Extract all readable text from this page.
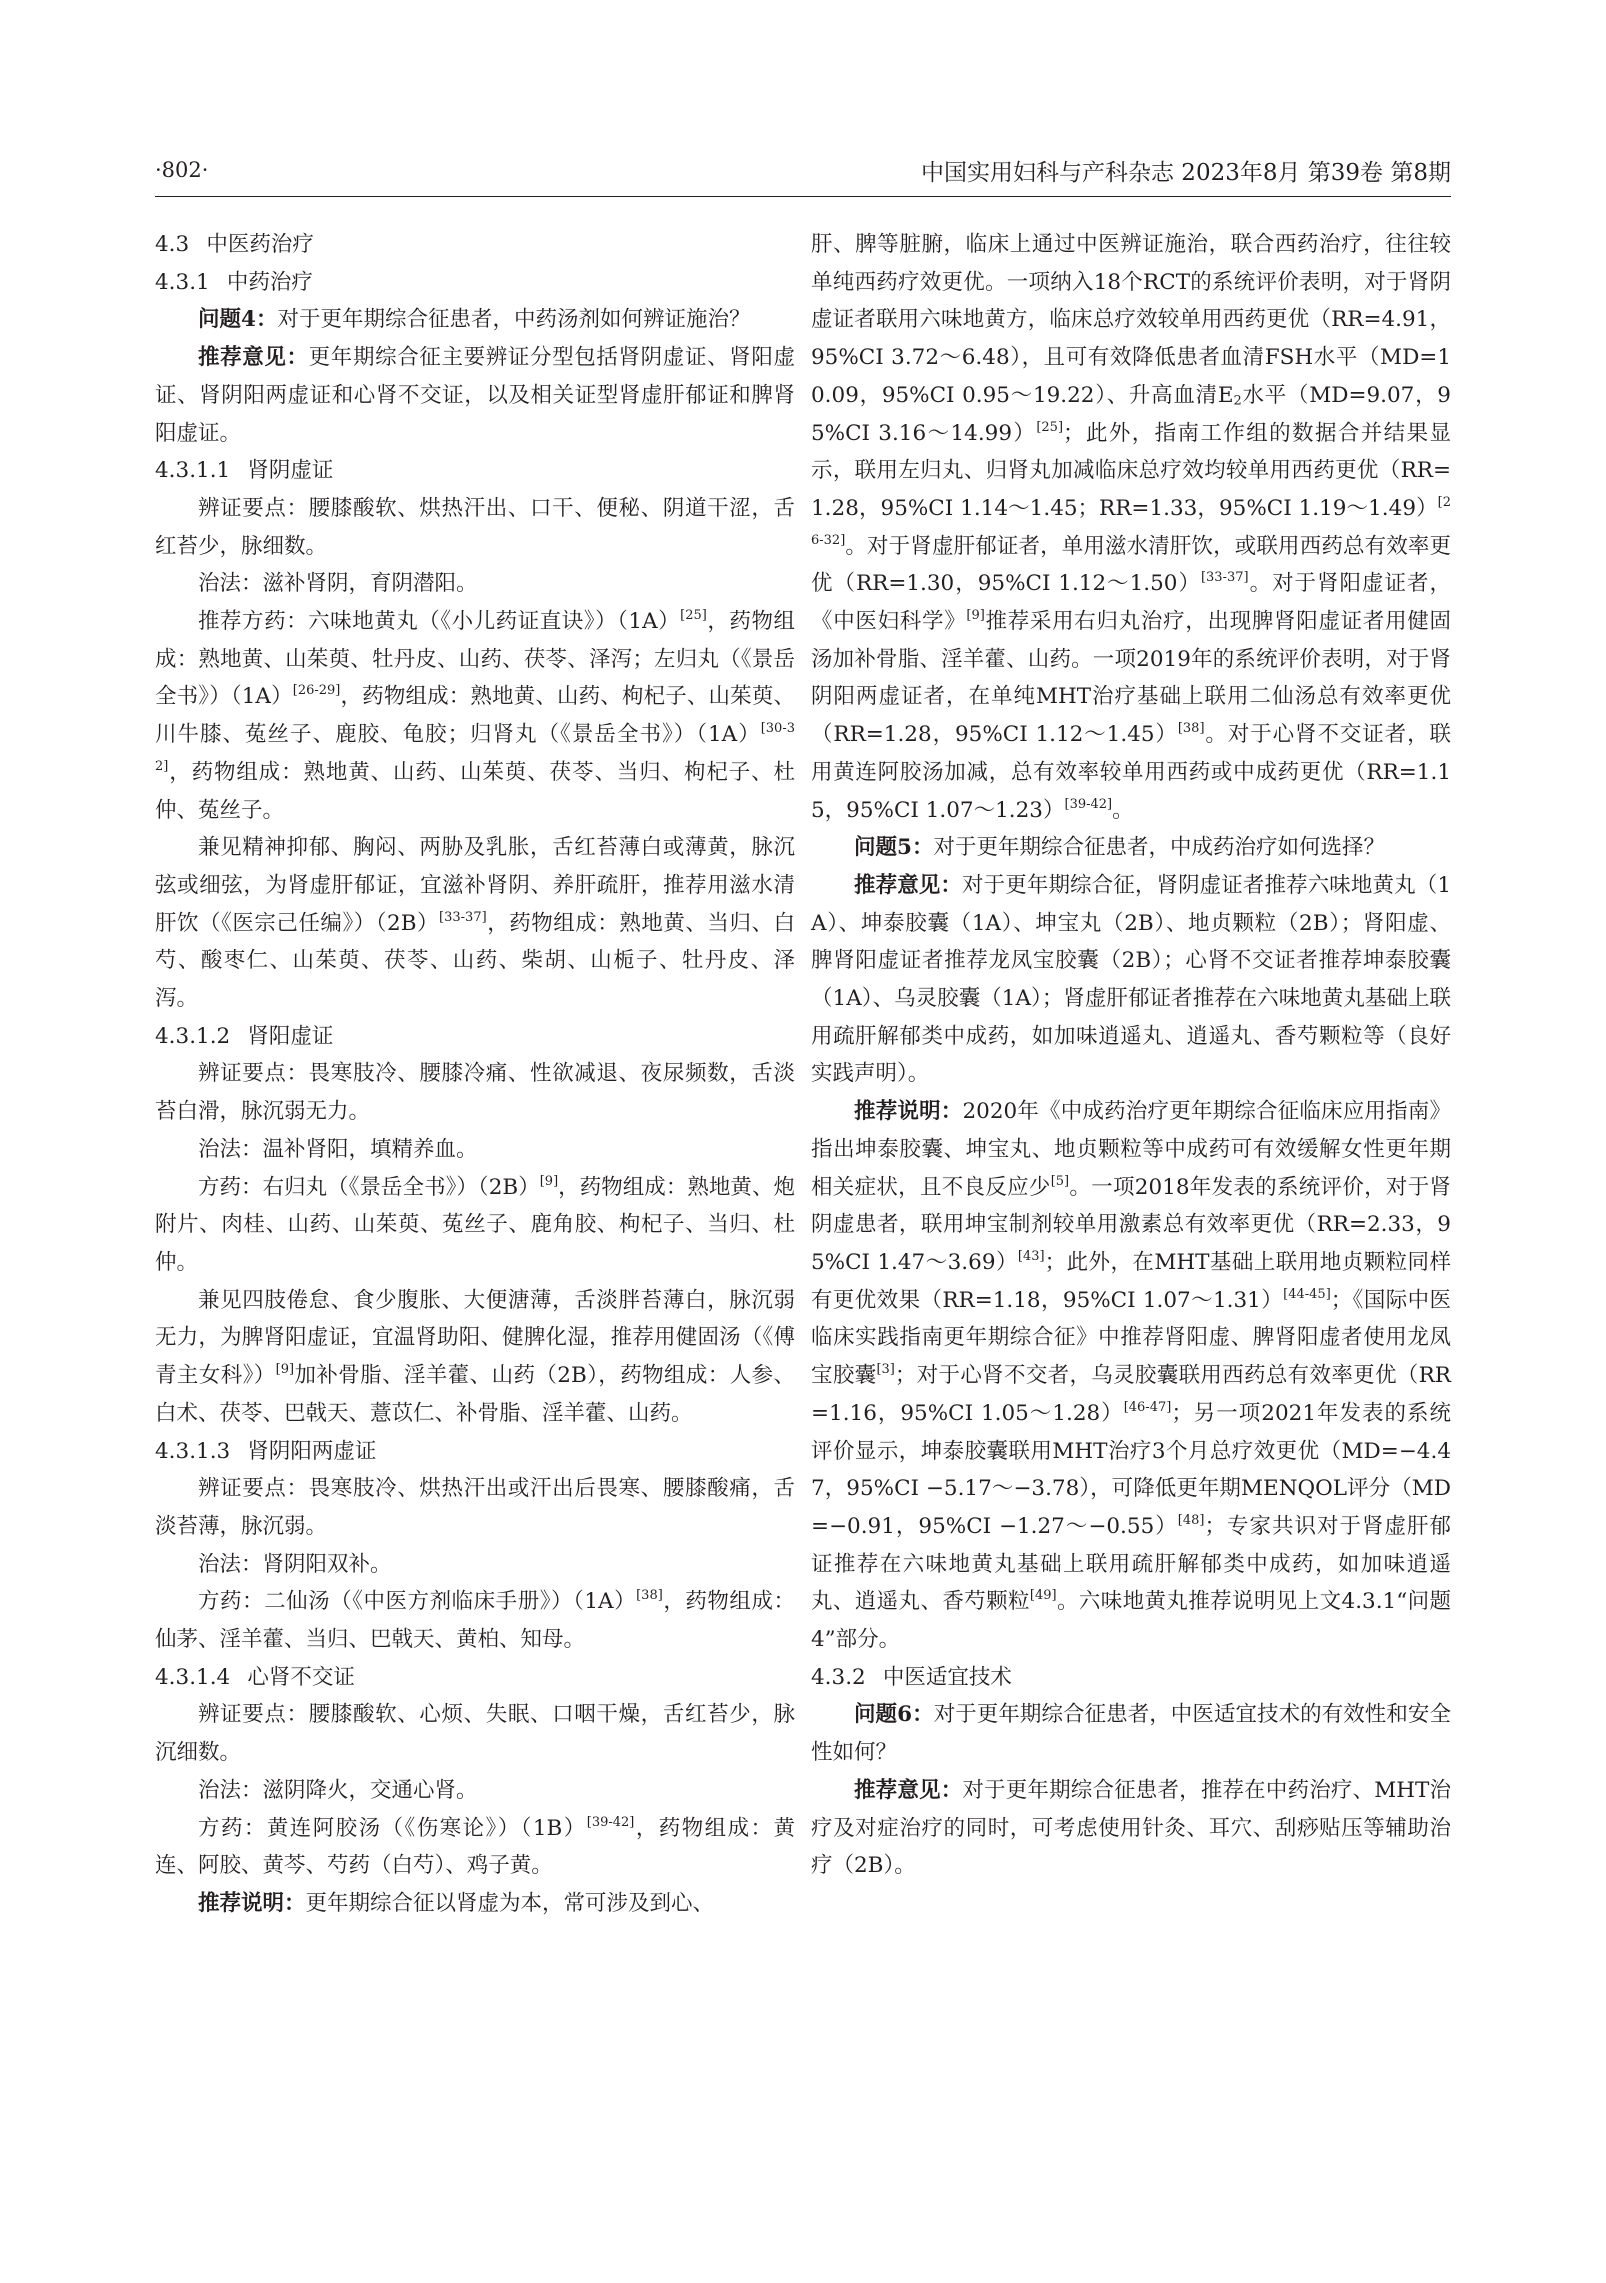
·802·	中国实用妇科与产科杂志 2023年8月 第39卷 第8期

4.3 中医药治疗

4.3.1 中药治疗

问题4：对于更年期综合征患者，中药汤剂如何辨证施治？

推荐意见：更年期综合征主要辨证分型包括肾阴虚证、肾阳虚证、肾阴阳两虚证和心肾不交证，以及相关证型肾虚肝郁证和脾肾阳虚证。

4.3.1.1 肾阴虚证

辨证要点：腰膝酸软、烘热汗出、口干、便秘、阴道干涩，舌红苔少，脉细数。

治法：滋补肾阴，育阴潜阳。

推荐方药：六味地黄丸（《小儿药证直诀》）（1A）[25]，药物组成：熟地黄、山茱萸、牡丹皮、山药、茯苓、泽泻；左归丸（《景岳全书》）（1A）[26-29]，药物组成：熟地黄、山药、枸杞子、山茱萸、川牛膝、菟丝子、鹿胶、龟胶；归肾丸（《景岳全书》）（1A）[30-32]，药物组成：熟地黄、山药、山茱萸、茯苓、当归、枸杞子、杜仲、菟丝子。

兼见精神抑郁、胸闷、两胁及乳胀，舌红苔薄白或薄黄，脉沉弦或细弦，为肾虚肝郁证，宜滋补肾阴、养肝疏肝，推荐用滋水清肝饮（《医宗己任编》）（2B）[33-37]，药物组成：熟地黄、当归、白芍、酸枣仁、山茱萸、茯苓、山药、柴胡、山栀子、牡丹皮、泽泻。

4.3.1.2 肾阳虚证

辨证要点：畏寒肢冷、腰膝冷痛、性欲减退、夜尿频数，舌淡苔白滑，脉沉弱无力。

治法：温补肾阳，填精养血。

方药：右归丸（《景岳全书》）（2B）[9]，药物组成：熟地黄、炮附片、肉桂、山药、山茱萸、菟丝子、鹿角胶、枸杞子、当归、杜仲。

兼见四肢倦怠、食少腹胀、大便溏薄，舌淡胖苔薄白，脉沉弱无力，为脾肾阳虚证，宜温肾助阳、健脾化湿，推荐用健固汤（《傅青主女科》）[9]加补骨脂、淫羊藿、山药（2B），药物组成：人参、白术、茯苓、巴戟天、薏苡仁、补骨脂、淫羊藿、山药。

4.3.1.3 肾阴阳两虚证

辨证要点：畏寒肢冷、烘热汗出或汗出后畏寒、腰膝酸痛，舌淡苔薄，脉沉弱。

治法：肾阴阳双补。

方药：二仙汤（《中医方剂临床手册》）（1A）[38]，药物组成：仙茅、淫羊藿、当归、巴戟天、黄柏、知母。

4.3.1.4 心肾不交证

辨证要点：腰膝酸软、心烦、失眠、口咽干燥，舌红苔少，脉沉细数。

治法：滋阴降火，交通心肾。

方药：黄连阿胶汤（《伤寒论》）（1B）[39-42]，药物组成：黄连、阿胶、黄芩、芍药（白芍）、鸡子黄。

推荐说明：更年期综合征以肾虚为本，常可涉及到心、

肝、脾等脏腑，临床上通过中医辨证施治，联合西药治疗，往往较单纯西药疗效更优。一项纳入18个RCT的系统评价表明，对于肾阴虚证者联用六味地黄方，临床总疗效较单用西药更优（RR=4.91，95%CI 3.72～6.48），且可有效降低患者血清FSH水平（MD=10.09，95%CI 0.95～19.22）、升高血清$E_2$水平（MD=9.07，95%CI 3.16～14.99）[25]；此外，指南工作组的数据合并结果显示，联用左归丸、归肾丸加减临床总疗效均较单用西药更优（RR=1.28，95%CI 1.14～1.45；RR=1.33，95%CI 1.19～1.49）[26-32]。对于肾虚肝郁证者，单用滋水清肝饮，或联用西药总有效率更优（RR=1.30，95%CI 1.12～1.50）[33-37]。对于肾阳虚证者，《中医妇科学》[9]推荐采用右归丸治疗，出现脾肾阳虚证者用健固汤加补骨脂、淫羊藿、山药。一项2019年的系统评价表明，对于肾阴阳两虚证者，在单纯MHT治疗基础上联用二仙汤总有效率更优（RR=1.28，95%CI 1.12～1.45）[38]。对于心肾不交证者，联用黄连阿胶汤加减，总有效率较单用西药或中成药更优（RR=1.15，95%CI 1.07～1.23）[39-42]。

问题5：对于更年期综合征患者，中成药治疗如何选择？

推荐意见：对于更年期综合征，肾阴虚证者推荐六味地黄丸（1A）、坤泰胶囊（1A）、坤宝丸（2B）、地贞颗粒（2B）；肾阳虚、脾肾阳虚证者推荐龙凤宝胶囊（2B）；心肾不交证者推荐坤泰胶囊（1A）、乌灵胶囊（1A）；肾虚肝郁证者推荐在六味地黄丸基础上联用疏肝解郁类中成药，如加味逍遥丸、逍遥丸、香芍颗粒等（良好实践声明）。

推荐说明：2020年《中成药治疗更年期综合征临床应用指南》指出坤泰胶囊、坤宝丸、地贞颗粒等中成药可有效缓解女性更年期相关症状，且不良反应少[5]。一项2018年发表的系统评价，对于肾阴虚患者，联用坤宝制剂较单用激素总有效率更优（RR=2.33，95%CI 1.47～3.69）[43]；此外，在MHT基础上联用地贞颗粒同样有更优效果（RR=1.18，95%CI 1.07～1.31）[44-45]；《国际中医临床实践指南更年期综合征》中推荐肾阳虚、脾肾阳虚者使用龙凤宝胶囊[3]；对于心肾不交者，乌灵胶囊联用西药总有效率更优（RR=1.16，95%CI 1.05～1.28）[46-47]；另一项2021年发表的系统评价显示，坤泰胶囊联用MHT治疗3个月总疗效更优（MD=−4.47，95%CI −5.17～−3.78），可降低更年期MENQOL评分（MD=−0.91，95%CI −1.27～−0.55）[48]；专家共识对于肾虚肝郁证推荐在六味地黄丸基础上联用疏肝解郁类中成药，如加味逍遥丸、逍遥丸、香芍颗粒[49]。六味地黄丸推荐说明见上文4.3.1“问题4”部分。

4.3.2 中医适宜技术

问题6：对于更年期综合征患者，中医适宜技术的有效性和安全性如何？

推荐意见：对于更年期综合征患者，推荐在中药治疗、MHT治疗及对症治疗的同时，可考虑使用针灸、耳穴、刮痧贴压等辅助治疗（2B）。
